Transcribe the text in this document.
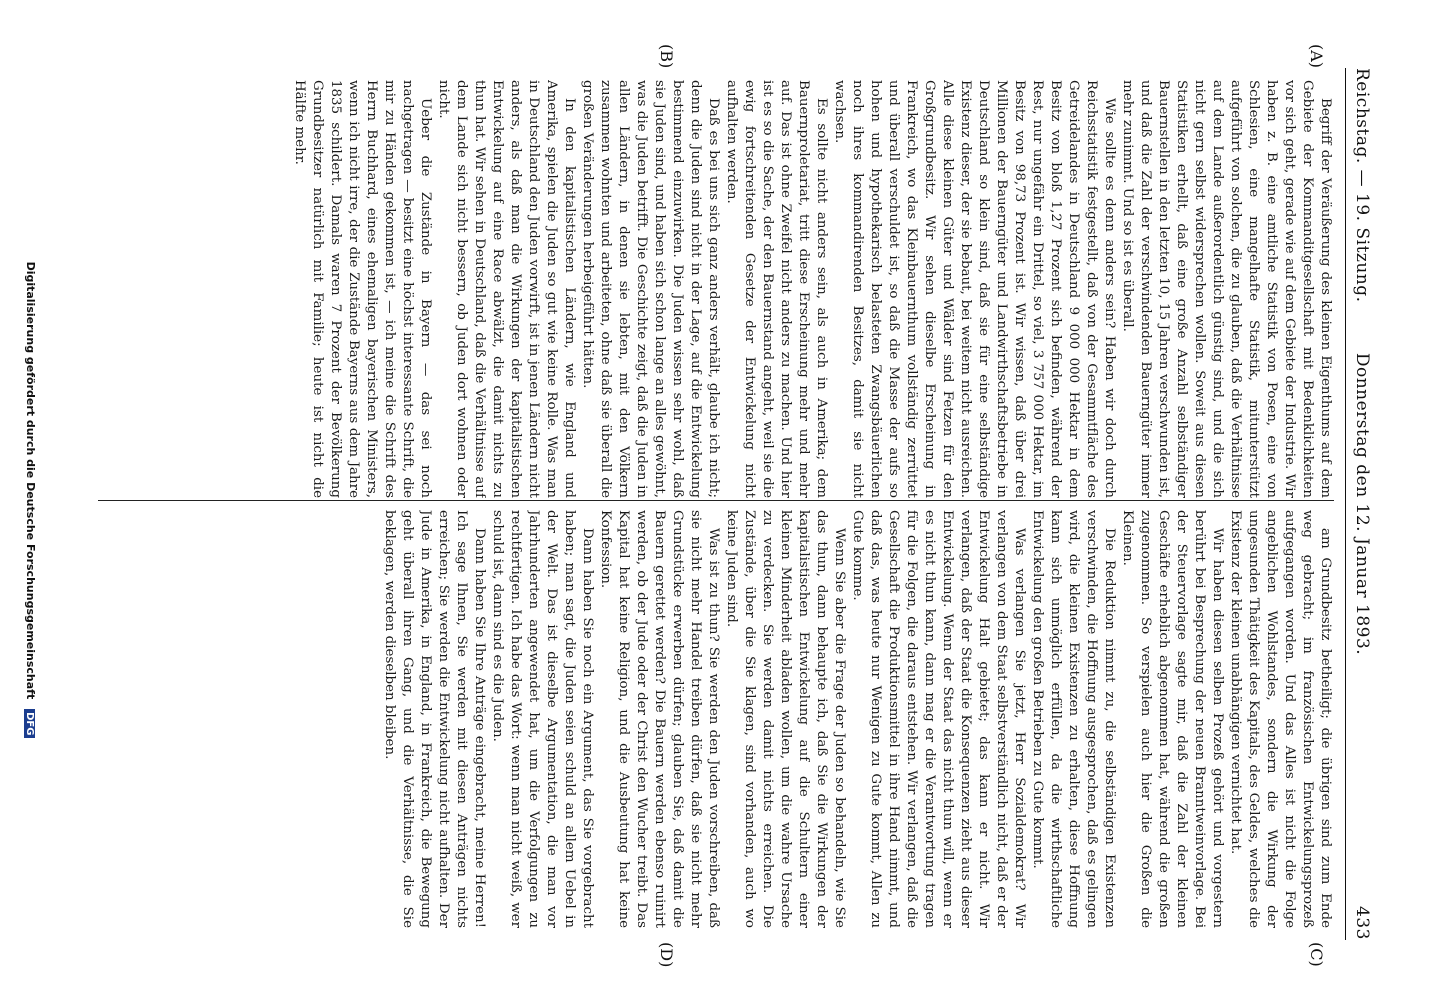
Reichstag. — 19. Sitzung.
Donnerstag den 12. Januar 1893.
433
(A)
(B)
(C)
(D)

Begriff der Veräußerung des kleinen Eigenthums auf dem Gebiete der Kommanditgesellschaft mit Bedenklichkeiten vor sich geht, gerade wie auf dem Gebiete der Industrie. Wir haben z. B. eine amtliche Statistik von Posen, eine von Schlesien, eine mangelhafte Statistik, mitunterstützt aufgeführt von solchen, die zu glauben, daß die Verhältnisse auf dem Lande außerordentlich günstig sind, und die sich nicht gern selbst widersprechen wollen. Soweit aus diesen Statistiken erhellt, daß eine große Anzahl selbständiger Bauernstellen in den letzten 10, 15 Jahren verschwunden ist, und daß die Zahl der verschwindenden Bauerngüter immer mehr zunimmt. Und so ist es überall.

Wie sollte es denn anders sein? Haben wir doch durch Reichsstatistik festgestellt, daß von der Gesammtfläche des Getreidelandes in Deutschland 9 000 000 Hektar in dem Besitz von bloß 1,27 Prozent sich befinden, während der Rest, nur ungefähr ein Drittel, so viel, 3 757 000 Hektar, im Besitz von 98,73 Prozent ist. Wir wissen, daß über drei Millionen der Bauerngüter und Landwirthschaftsbetriebe in Deutschland so klein sind, daß sie für eine selbständige Existenz dieser, der sie bebaut, bei weitem nicht ausreichen. Alle diese kleinen Güter und Wälder sind Fetzen für den Großgrundbesitz. Wir sehen dieselbe Erscheinung in Frankreich, wo das Kleinbauernthum vollständig zerrüttet und überall verschuldet ist, so daß die Masse der aufs so hohen und hypothekarisch belasteten Zwangsbäuerlichen noch ihres kommandirenden Besitzes, damit sie nicht wachsen.

Es sollte nicht anders sein, als auch in Amerika; dem Bauernproletariat, tritt diese Erscheinung mehr und mehr auf. Das ist ohne Zweifel nicht anders zu machen. Und hier ist es so die Sache, der den Bauernstand angeht, weil sie die ewig fortschreitenden Gesetze der Entwickelung nicht aufhalten werden.

Daß es bei uns sich ganz anders verhält, glaube ich nicht; denn die Juden sind nicht in der Lage, auf die Entwickelung bestimmend einzuwirken. Die Juden wissen sehr wohl, daß sie Juden sind, und haben sich schon lange an alles gewöhnt, was die Juden betrifft. Die Geschichte zeigt, daß die Juden in allen Ländern, in denen sie lebten, mit den Völkern zusammen wohnten und arbeiteten, ohne daß sie überall die großen Veränderungen herbeigeführt hätten.

In den kapitalistischen Ländern, wie England und Amerika, spielen die Juden so gut wie keine Rolle. Was man in Deutschland den Juden vorwirft, ist in jenen Ländern nicht anders, als daß man die Wirkungen der kapitalistischen Entwickelung auf eine Race abwälzt, die damit nichts zu thun hat. Wir sehen in Deutschland, daß die Verhältnisse auf dem Lande sich nicht bessern, ob Juden dort wohnen oder nicht.

Ueber die Zustände in Bayern — das sei noch nachgetragen — besitzt eine höchst interessante Schrift, die mir zu Händen gekommen ist, — ich meine die Schrift des Herrn Buchhard, eines ehemaligen bayerischen Ministers, wenn ich nicht irre, der die Zustände Bayerns aus dem Jahre 1835 schildert. Damals waren 7 Prozent der Bevölkerung Grundbesitzer natürlich mit Familie; heute ist nicht die Hälfte mehr.

am Grundbesitz betheiligt; die übrigen sind zum Ende weg gebracht; im französischen Entwickelungsprozeß aufgegangen worden. Und das Alles ist nicht die Folge angeblichen Wohlstandes, sondern die Wirkung der ungesunden Thätigkeit des Kapitals, des Geldes, welches die Existenz der kleinen unabhängigen vernichtet hat.

Wir haben diesen selben Prozeß gehört und vorgestern berührt bei Besprechung der neuen Branntweinvorlage. Bei der Steuervorlage sagte mir, daß die Zahl der kleinen Geschäfte erheblich abgenommen hat, während die großen zugenommen. So verspielen auch hier die Großen die Kleinen.

Die Reduktion nimmt zu, die selbständigen Existenzen verschwinden, die Hoffnung ausgesprochen, daß es gelingen wird, die kleinen Existenzen zu erhalten, diese Hoffnung kann sich unmöglich erfüllen, da die wirthschaftliche Entwickelung den großen Betrieben zu Gute kommt.

Was verlangen Sie jetzt, Herr Sozialdemokrat? Wir verlangen von dem Staat selbstverständlich nicht, daß er der Entwickelung Halt gebietet; das kann er nicht. Wir verlangen, daß der Staat die Konsequenzen zieht aus dieser Entwickelung. Wenn der Staat das nicht thun will, wenn er es nicht thun kann, dann mag er die Verantwortung tragen für die Folgen, die daraus entstehen. Wir verlangen, daß die Gesellschaft die Produktionsmittel in ihre Hand nimmt, und daß das, was heute nur Wenigen zu Gute kommt, Allen zu Gute komme.

Wenn Sie aber die Frage der Juden so behandeln, wie Sie das thun, dann behaupte ich, daß Sie die Wirkungen der kapitalistischen Entwickelung auf die Schultern einer kleinen Minderheit abladen wollen, um die wahre Ursache zu verdecken. Sie werden damit nichts erreichen. Die Zustände, über die Sie klagen, sind vorhanden, auch wo keine Juden sind.

Was ist zu thun? Sie werden den Juden vorschreiben, daß sie nicht mehr Handel treiben dürfen, daß sie nicht mehr Grundstücke erwerben dürfen; glauben Sie, daß damit die Bauern gerettet werden? Die Bauern werden ebenso ruinirt werden, ob der Jude oder der Christ den Wucher treibt. Das Kapital hat keine Religion, und die Ausbeutung hat keine Konfession.

Dann haben Sie noch ein Argument, das Sie vorgebracht haben; man sagt, die Juden seien schuld an allem Uebel in der Welt. Das ist dieselbe Argumentation, die man vor Jahrhunderten angewendet hat, um die Verfolgungen zu rechtfertigen. Ich habe das Wort: wenn man nicht weiß, wer schuld ist, dann sind es die Juden.

Dann haben Sie Ihre Anträge eingebracht, meine Herren! Ich sage Ihnen, Sie werden mit diesen Anträgen nichts erreichen; Sie werden die Entwickelung nicht aufhalten. Der Jude in Amerika, in England, in Frankreich, die Bewegung geht überall ihren Gang, und die Verhältnisse, die Sie beklagen, werden dieselben bleiben.

Digitalisierung gefördert durch die Deutsche Forschungsgemeinschaft DFG
